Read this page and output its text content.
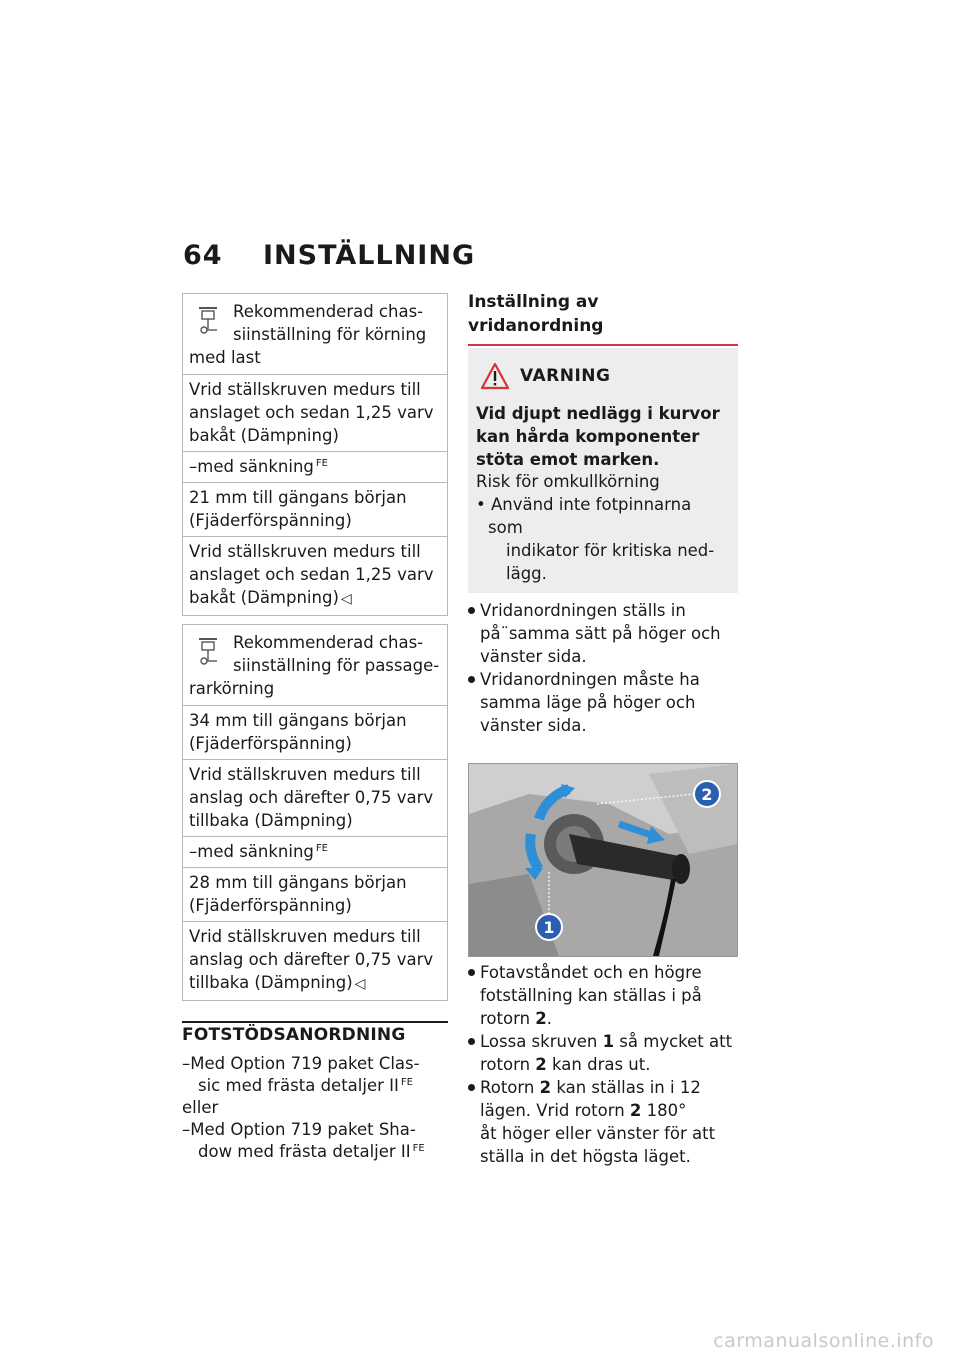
64 INSTÄLLNING
Rekommenderad chas-
siinställning för körning
med last
Vrid ställskruven medurs till
anslaget och sedan 1,25 varv
bakåt (Dämpning)
–med sänkning $^{FE}$
21 mm till gängans början
(Fjäderförspänning)
Vrid ställskruven medurs till
anslaget och sedan 1,25 varv
bakåt (Dämpning) ◁
Rekommenderad chas-
siinställning för passage-
rarkörning
34 mm till gängans början
(Fjäderförspänning)
Vrid ställskruven medurs till
anslag och därefter 0,75 varv
tillbaka (Dämpning)
–med sänkning $^{FE}$
28 mm till gängans början
(Fjäderförspänning)
Vrid ställskruven medurs till
anslag och därefter 0,75 varv
tillbaka (Dämpning) ◁
FOTSTÖDSANORDNING
–Med Option 719 paket Clas-
sic med frästa detaljer II $^{FE}$
eller
–Med Option 719 paket Sha-
dow med frästa detaljer II $^{FE}$
Inställning av vridanordning
VARNING
Vid djupt nedlägg i kurvor
kan hårda komponenter
stöta emot marken.
Risk för omkullkörning
• Använd inte fotpinnarna som
indikator för kritiska ned-
lägg.
Vridanordningen ställs in
på¨samma sätt på höger och
vänster sida.
Vridanordningen måste ha
samma läge på höger och
vänster sida.
2
1
Fotavståndet och en högre
fotställning kan ställas i på
rotorn 2.
Lossa skruven 1 så mycket att
rotorn 2 kan dras ut.
Rotorn 2 kan ställas in i 12
lägen. Vrid rotorn 2 180°
åt höger eller vänster för att
ställa in det högsta läget.
carmanualsonline.info
